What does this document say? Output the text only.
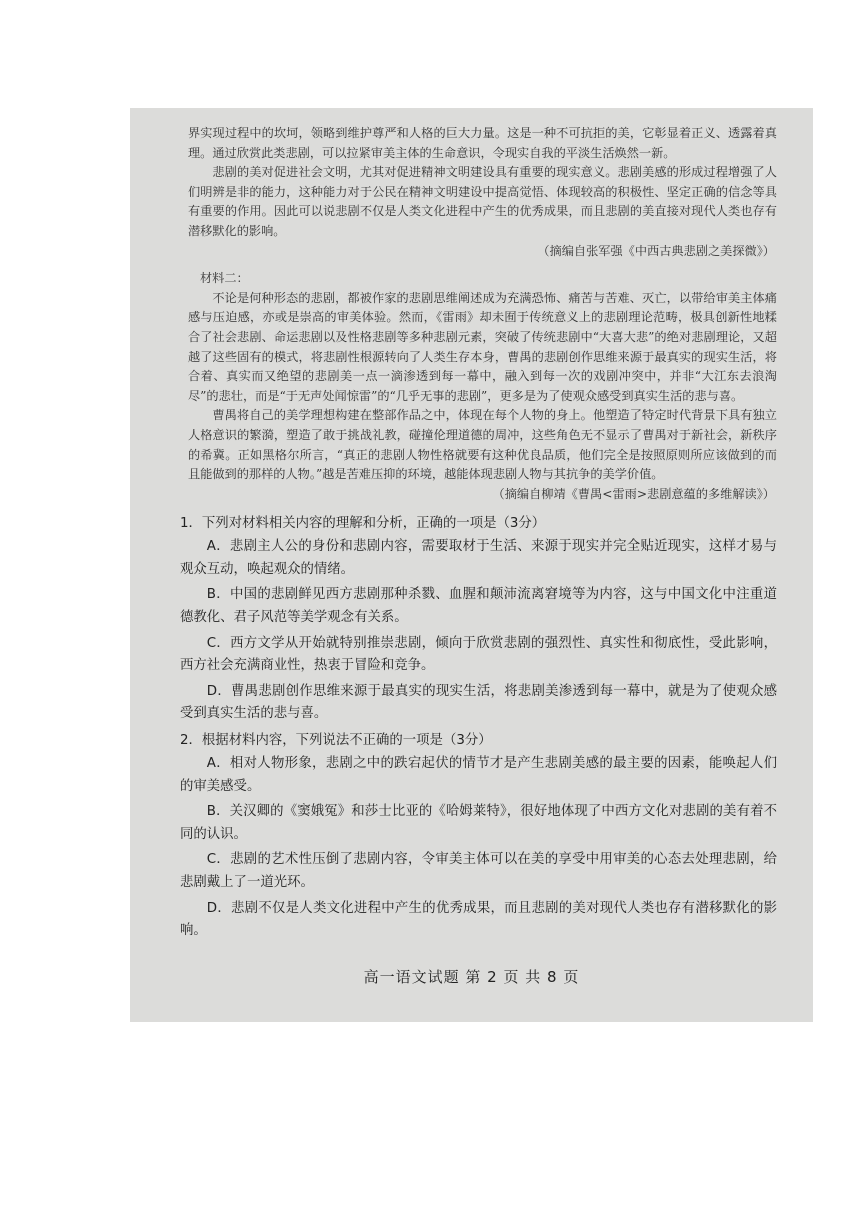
界实现过程中的坎坷，领略到维护尊严和人格的巨大力量。这是一种不可抗拒的美，它彰显着正义、透露着真理。通过欣赏此类悲剧，可以拉紧审美主体的生命意识，令现实自我的平淡生活焕然一新。

悲剧的美对促进社会文明，尤其对促进精神文明建设具有重要的现实意义。悲剧美感的形成过程增强了人们明辨是非的能力，这种能力对于公民在精神文明建设中提高觉悟、体现较高的积极性、坚定正确的信念等具有重要的作用。因此可以说悲剧不仅是人类文化进程中产生的优秀成果，而且悲剧的美直接对现代人类也存有潜移默化的影响。

（摘编自张军强《中西古典悲剧之美探微》）

材料二：

不论是何种形态的悲剧，都被作家的悲剧思维阐述成为充满恐怖、痛苦与苦难、灭亡，以带给审美主体痛感与压迫感，亦或是崇高的审美体验。然而，《雷雨》却未囿于传统意义上的悲剧理论范畴，极具创新性地糅合了社会悲剧、命运悲剧以及性格悲剧等多种悲剧元素，突破了传统悲剧中“大喜大悲”的绝对悲剧理论，又超越了这些固有的模式，将悲剧性根源转向了人类生存本身，曹禺的悲剧创作思维来源于最真实的现实生活，将合着、真实而又绝望的悲剧美一点一滴渗透到每一幕中，融入到每一次的戏剧冲突中，并非“大江东去浪淘尽”的悲壮，而是“于无声处闻惊雷”的“几乎无事的悲剧”，更多是为了使观众感受到真实生活的悲与喜。

曹禺将自己的美学理想构建在整部作品之中，体现在每个人物的身上。他塑造了特定时代背景下具有独立人格意识的繁漪，塑造了敢于挑战礼教，碰撞伦理道德的周冲，这些角色无不显示了曹禺对于新社会，新秩序的希冀。正如黑格尔所言，“真正的悲剧人物性格就要有这种优良品质，他们完全是按照原则所应该做到的而且能做到的那样的人物。”越是苦难压抑的环境，越能体现悲剧人物与其抗争的美学价值。

（摘编自柳靖《曹禺<雷雨>悲剧意蕴的多维解读》）

1．下列对材料相关内容的理解和分析，正确的一项是（3分）

A．悲剧主人公的身份和悲剧内容，需要取材于生活、来源于现实并完全贴近现实，这样才易与观众互动，唤起观众的情绪。

B．中国的悲剧鲜见西方悲剧那种杀戮、血腥和颠沛流离窘境等为内容，这与中国文化中注重道德教化、君子风范等美学观念有关系。

C．西方文学从开始就特别推崇悲剧，倾向于欣赏悲剧的强烈性、真实性和彻底性，受此影响，西方社会充满商业性，热衷于冒险和竞争。

D．曹禺悲剧创作思维来源于最真实的现实生活，将悲剧美渗透到每一幕中，就是为了使观众感受到真实生活的悲与喜。

2．根据材料内容，下列说法不正确的一项是（3分）

A．相对人物形象，悲剧之中的跌宕起伏的情节才是产生悲剧美感的最主要的因素，能唤起人们的审美感受。

B．关汉卿的《窦娥冤》和莎士比亚的《哈姆莱特》，很好地体现了中西方文化对悲剧的美有着不同的认识。

C．悲剧的艺术性压倒了悲剧内容，令审美主体可以在美的享受中用审美的心态去处理悲剧，给悲剧戴上了一道光环。

D．悲剧不仅是人类文化进程中产生的优秀成果，而且悲剧的美对现代人类也存有潜移默化的影响。

高一语文试题 第 2 页 共 8 页
